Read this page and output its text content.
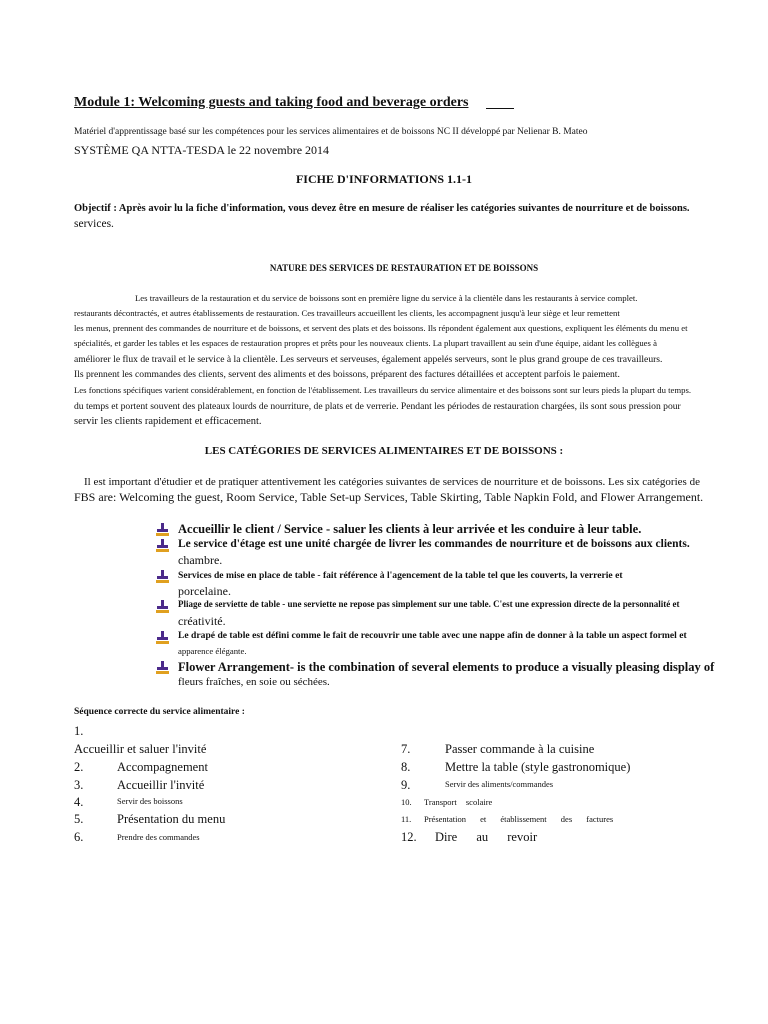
Module 1: Welcoming guests and taking food and beverage orders
Matériel d'apprentissage basé sur les compétences pour les services alimentaires et de boissons NC II développé par Nelienar B. Mateo
SYSTÈME QA NTTA-TESDA le 22 novembre 2014
FICHE D'INFORMATIONS 1.1-1
Objectif : Après avoir lu la fiche d'information, vous devez être en mesure de réaliser les catégories suivantes de nourriture et de boissons.
services.
NATURE DES SERVICES DE RESTAURATION ET DE BOISSONS
Les travailleurs de la restauration et du service de boissons sont en première ligne du service à la clientèle dans les restaurants à service complet.
restaurants décontractés, et autres établissements de restauration. Ces travailleurs accueillent les clients, les accompagnent jusqu'à leur siège et leur remettent
les menus, prennent des commandes de nourriture et de boissons, et servent des plats et des boissons. Ils répondent également aux questions, expliquent les éléments du menu et
spécialités, et garder les tables et les espaces de restauration propres et prêts pour les nouveaux clients. La plupart travaillent au sein d'une équipe, aidant les collègues à
améliorer le flux de travail et le service à la clientèle. Les serveurs et serveuses, également appelés serveurs, sont le plus grand groupe de ces travailleurs.
Ils prennent les commandes des clients, servent des aliments et des boissons, préparent des factures détaillées et acceptent parfois le paiement.
Les fonctions spécifiques varient considérablement, en fonction de l'établissement. Les travailleurs du service alimentaire et des boissons sont sur leurs pieds la plupart du temps.
du temps et portent souvent des plateaux lourds de nourriture, de plats et de verrerie. Pendant les périodes de restauration chargées, ils sont sous pression pour
servir les clients rapidement et efficacement.
LES CATÉGORIES DE SERVICES ALIMENTAIRES ET DE BOISSONS :
Il est important d'étudier et de pratiquer attentivement les catégories suivantes de services de nourriture et de boissons. Les six catégories de
FBS are: Welcoming the guest, Room Service, Table Set-up Services, Table Skirting, Table Napkin Fold, and Flower Arrangement.
Accueillir le client / Service - saluer les clients à leur arrivée et les conduire à leur table.
Le service d'étage est une unité chargée de livrer les commandes de nourriture et de boissons aux clients.
chambre.
Services de mise en place de table - fait référence à l'agencement de la table tel que les couverts, la verrerie et
porcelaine.
Pliage de serviette de table - une serviette ne repose pas simplement sur une table. C'est une expression directe de la personnalité et
créativité.
Le drapé de table est défini comme le fait de recouvrir une table avec une nappe afin de donner à la table un aspect formel et
apparence élégante.
Flower Arrangement- is the combination of several elements to produce a visually pleasing display of
fleurs fraîches, en soie ou séchées.
Séquence correcte du service alimentaire :
1.
Accueillir et saluer l'invité
2.	Accompagnement
3.	Accueillir l'invité
4.	Servir des boissons
5.	Présentation du menu
6.	Prendre des commandes
7.	Passer commande à la cuisine
8.	Mettre la table (style gastronomique)
9.	Servir des aliments/commandes
10. Transport scolaire
11. Présentation et établissement des factures
12. Dire au revoir
